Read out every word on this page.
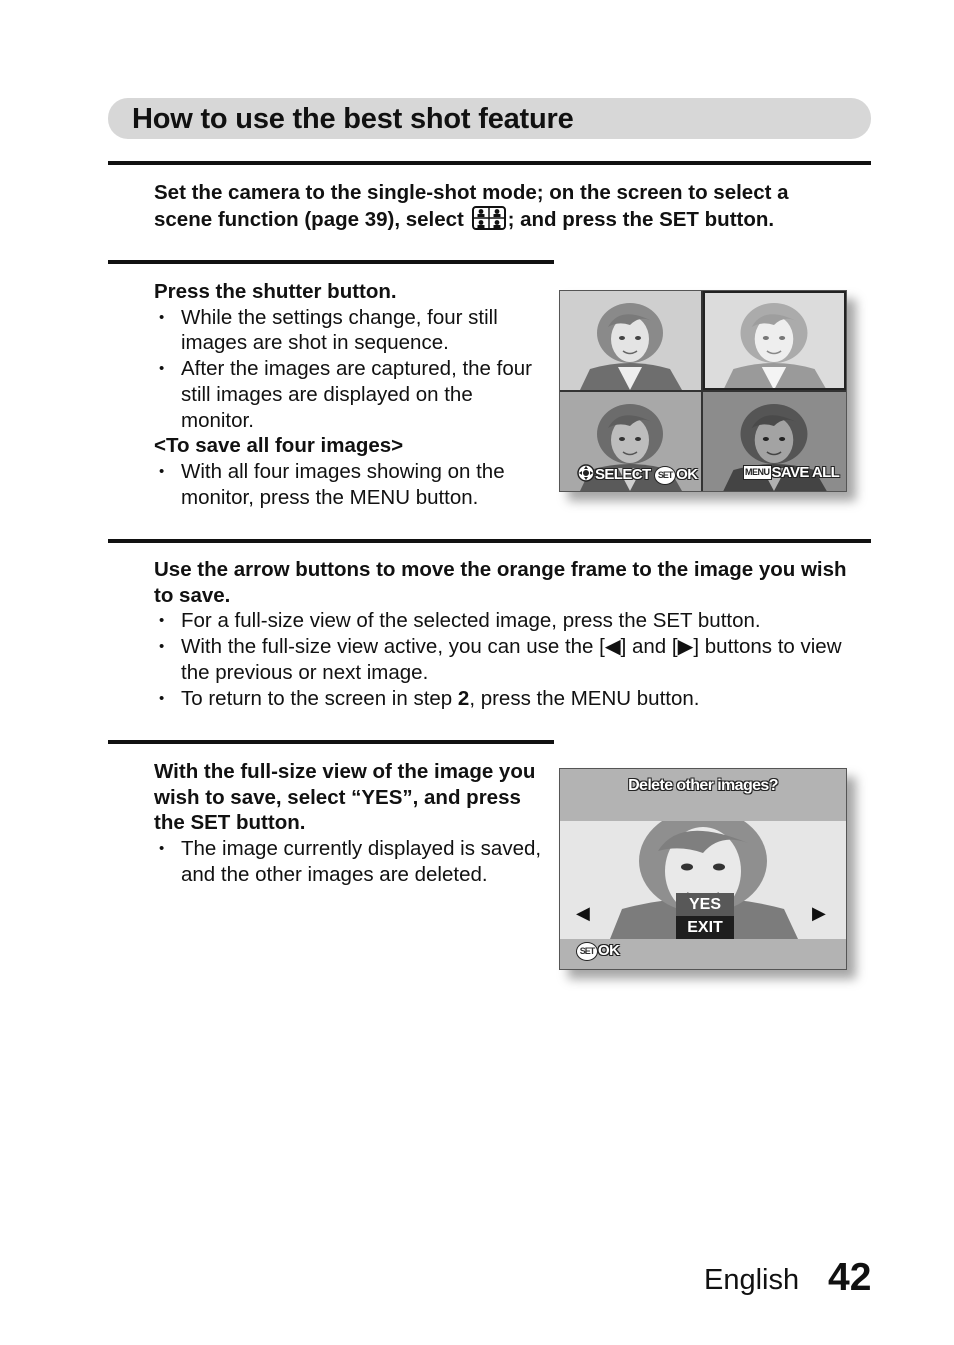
How to use the best shot feature
Set the camera to the single-shot mode; on the screen to select a
scene function (page 39), select ; and press the SET button.
Press the shutter button.
• While the settings change, four still images are shot in sequence.
• After the images are captured, the four still images are displayed on the monitor.
<To save all four images>
• With all four images showing on the monitor, press the MENU button.
SELECT SET OK	MENU SAVE ALL
Use the arrow buttons to move the orange frame to the image you wish to save.
• For a full-size view of the selected image, press the SET button.
• With the full-size view active, you can use the [◀] and [▶] buttons to view the previous or next image.
• To return to the screen in step 2, press the MENU button.
With the full-size view of the image you wish to save, select “YES”, and press the SET button.
• The image currently displayed is saved, and the other images are deleted.
Delete other images?
YES
EXIT
◀	▶
SET OK
English 42
